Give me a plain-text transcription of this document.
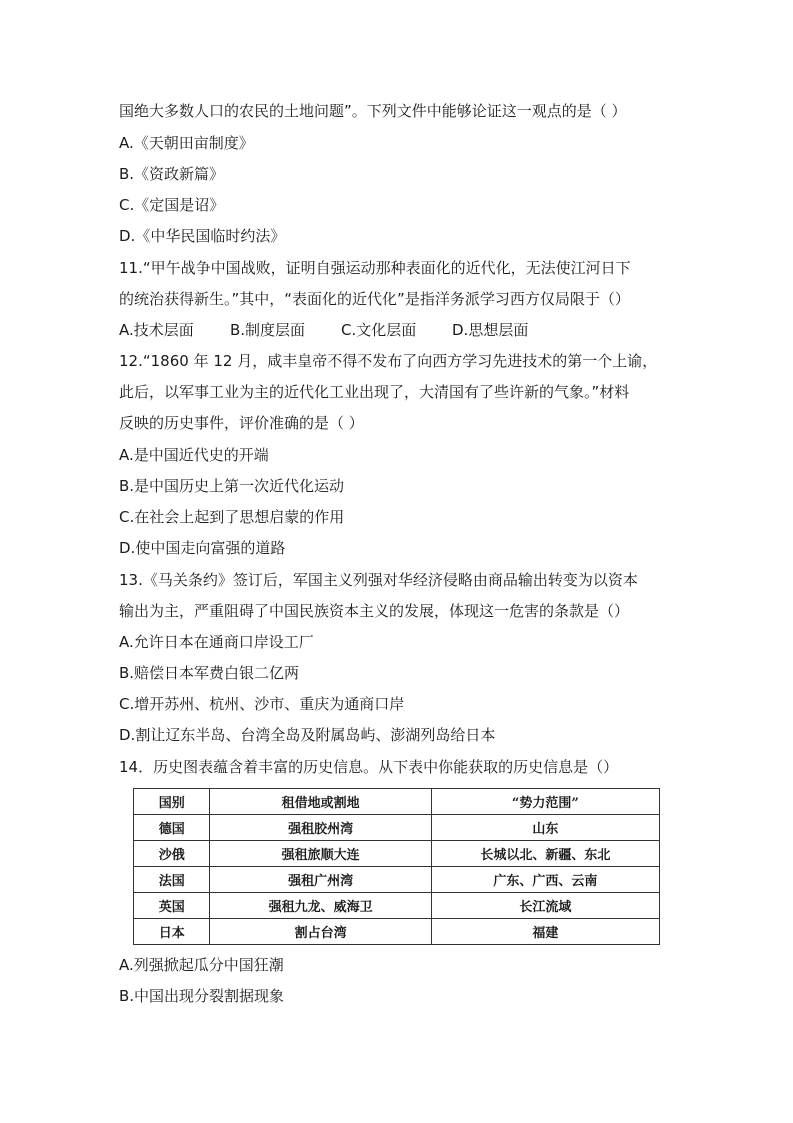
国绝大多数人口的农民的土地问题”。下列文件中能够论证这一观点的是（ ）
A.《天朝田亩制度》
B.《资政新篇》
C.《定国是诏》
D.《中华民国临时约法》
11.“甲午战争中国战败，证明自强运动那种表面化的近代化，无法使江河日下
的统治获得新生。”其中，“表面化的近代化”是指洋务派学习西方仅局限于（）
12.“1860 年 12 月，咸丰皇帝不得不发布了向西方学习先进技术的第一个上谕，
此后，以军事工业为主的近代化工业出现了，大清国有了些许新的气象。”材料
反映的历史事件，评价准确的是（ ）
A.是中国近代史的开端
B.是中国历史上第一次近代化运动
C.在社会上起到了思想启蒙的作用
D.使中国走向富强的道路
13.《马关条约》签订后，军国主义列强对华经济侵略由商品输出转变为以资本
输出为主，严重阻碍了中国民族资本主义的发展，体现这一危害的条款是（）
A.允许日本在通商口岸设工厂
B.赔偿日本军费白银二亿两
C.增开苏州、杭州、沙市、重庆为通商口岸
D.割让辽东半岛、台湾全岛及附属岛屿、澎湖列岛给日本
14．历史图表蕴含着丰富的历史信息。从下表中你能获取的历史信息是（）
A.技术层面 B.制度层面 C.文化层面 D.思想层面
国别	租借地或割地	“势力范围”
德国	强租胶州湾	山东
沙俄	强租旅顺大连	长城以北、新疆、东北
法国	强租广州湾	广东、广西、云南
英国	强租九龙、威海卫	长江流域
日本	割占台湾	福建
A.列强掀起瓜分中国狂潮
B.中国出现分裂割据现象
